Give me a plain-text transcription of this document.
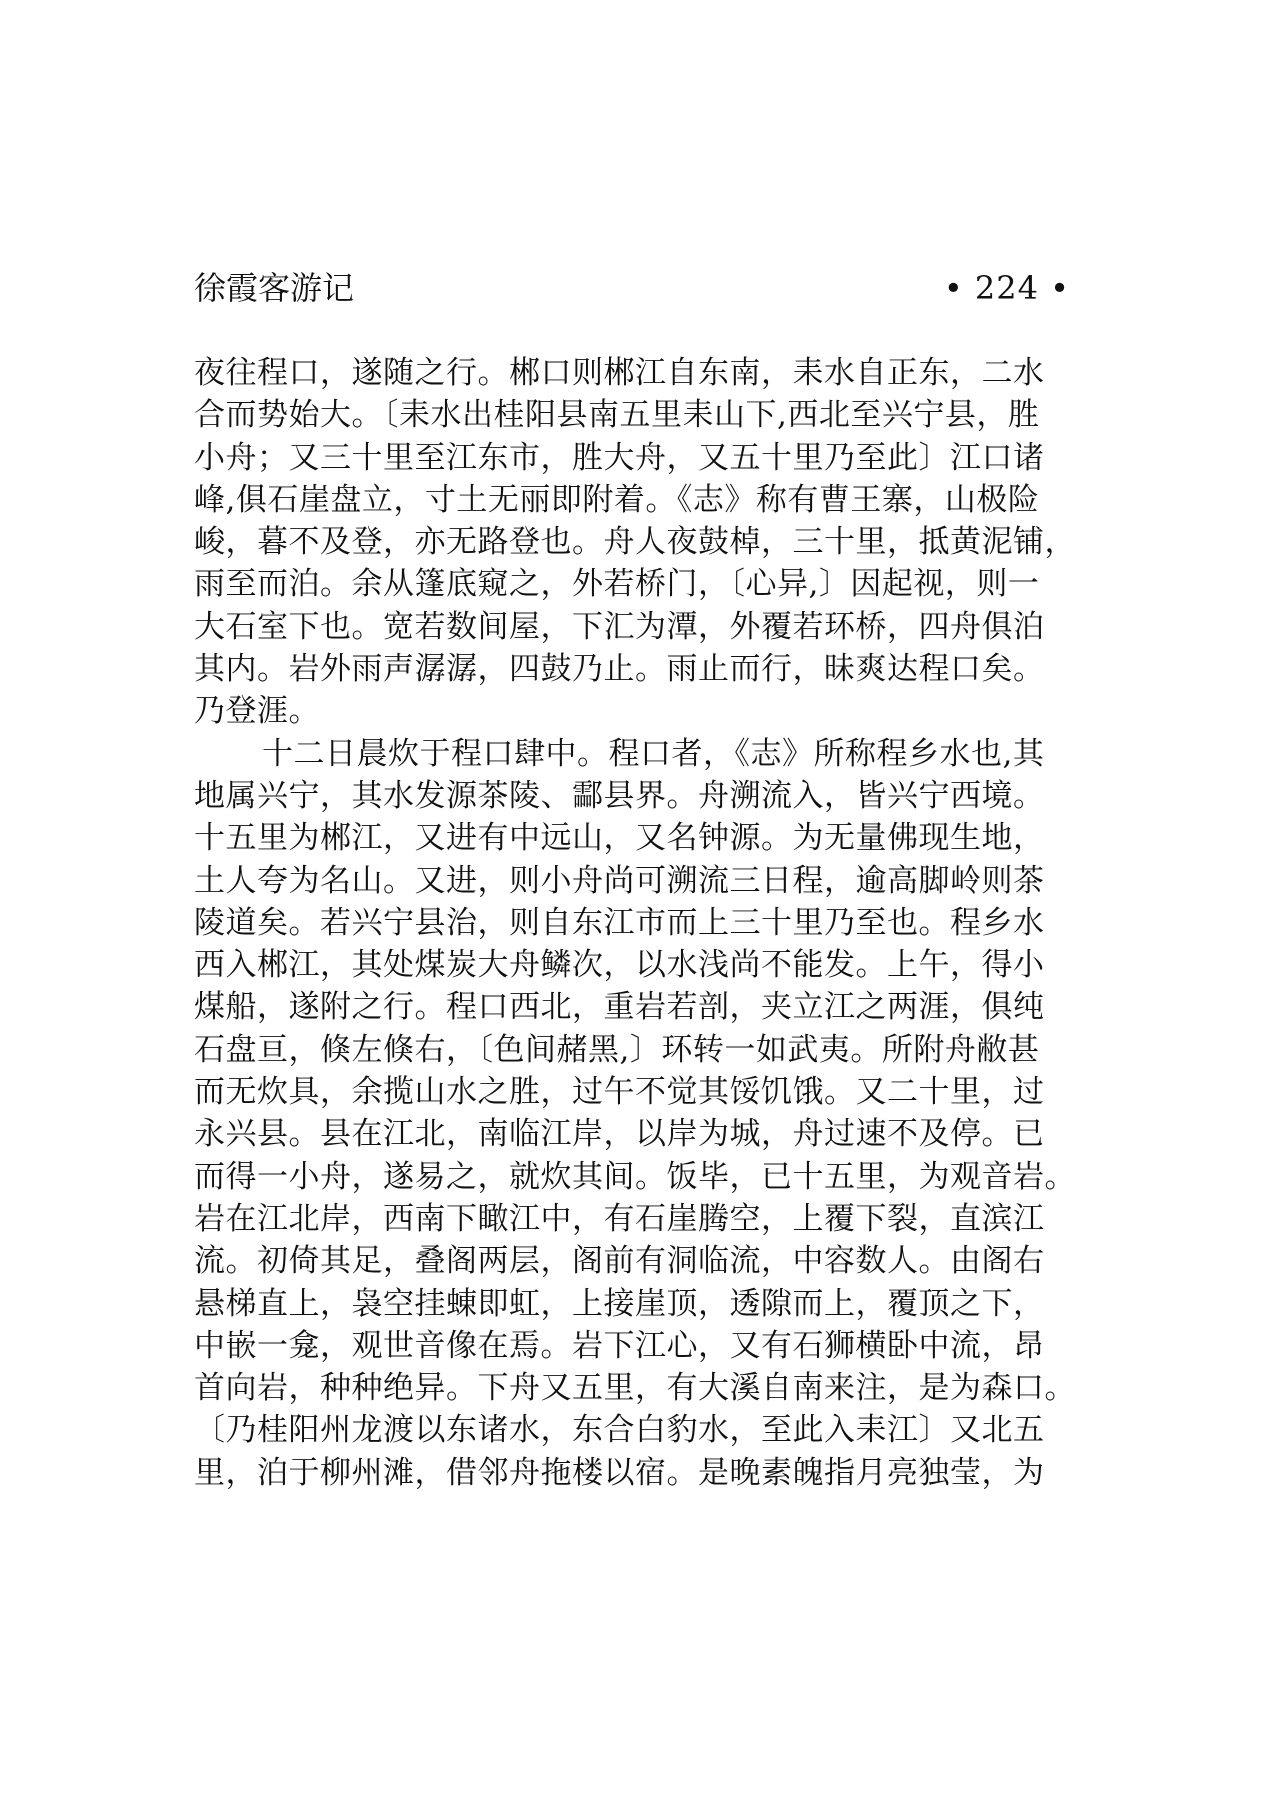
徐霞客游记	• 224 •
夜往程口，遂随之行。郴口则郴江自东南，耒水自正东，二水
合而势始大。〔耒水出桂阳县南五里耒山下,西北至兴宁县，胜
小舟；又三十里至江东市，胜大舟，又五十里乃至此〕江口诸
峰,俱石崖盘立，寸土无丽即附着。《志》称有曹王寨，山极险
峻，暮不及登，亦无路登也。舟人夜鼓棹，三十里，抵黄泥铺，
雨至而泊。余从篷底窥之，外若桥门，〔心异,〕因起视，则一
大石室下也。宽若数间屋，下汇为潭，外覆若环桥，四舟俱泊
其内。岩外雨声潺潺，四鼓乃止。雨止而行，昧爽达程口矣。
乃登涯。
十二日晨炊于程口肆中。程口者，《志》所称程乡水也,其
地属兴宁，其水发源茶陵、酃县界。舟溯流入，皆兴宁西境。
十五里为郴江，又进有中远山，又名钟源。为无量佛现生地，
土人夸为名山。又进，则小舟尚可溯流三日程，逾高脚岭则茶
陵道矣。若兴宁县治，则自东江市而上三十里乃至也。程乡水
西入郴江，其处煤炭大舟鳞次，以水浅尚不能发。上午，得小
煤船，遂附之行。程口西北，重岩若剖，夹立江之两涯，俱纯
石盘亘，倏左倏右，〔色间赭黑,〕环转一如武夷。所附舟敝甚
而无炊具，余揽山水之胜，过午不觉其馁饥饿。又二十里，过
永兴县。县在江北，南临江岸，以岸为城，舟过速不及停。已
而得一小舟，遂易之，就炊其间。饭毕，已十五里，为观音岩。
岩在江北岸，西南下瞰江中，有石崖腾空，上覆下裂，直滨江
流。初倚其足，叠阁两层，阁前有洞临流，中容数人。由阁右
悬梯直上，袅空挂蝀即虹，上接崖顶，透隙而上，覆顶之下，
中嵌一龛，观世音像在焉。岩下江心，又有石狮横卧中流，昂
首向岩，种种绝异。下舟又五里，有大溪自南来注，是为森口。
〔乃桂阳州龙渡以东诸水，东合白豹水，至此入耒江〕又北五
里，泊于柳州滩，借邻舟拖楼以宿。是晚素魄指月亮独莹，为
